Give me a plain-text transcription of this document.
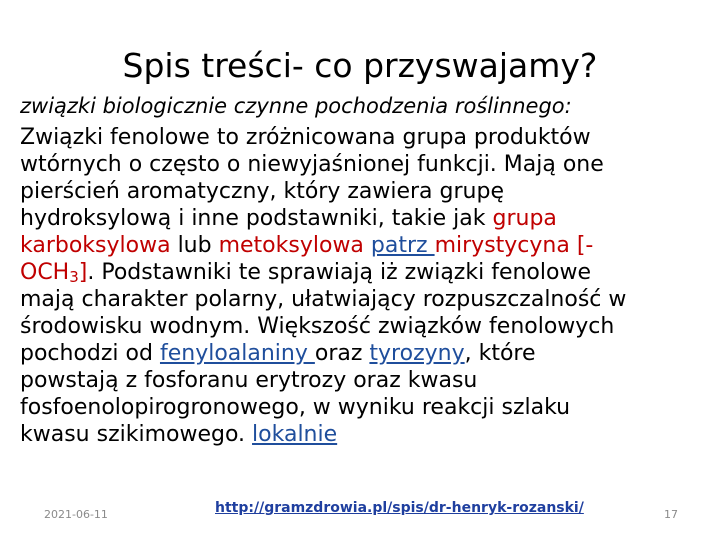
Spis treści- co przyswajamy?
związki biologicznie czynne pochodzenia roślinnego:
Związki fenolowe to zróżnicowana grupa produktów
wtórnych o często o niewyjaśnionej funkcji. Mają one
pierścień aromatyczny, który zawiera grupę
hydroksylową i inne podstawniki, takie jak grupa
karboksylowa lub metoksylowa patrz mirystycyna [-
$OCH_3$]. Podstawniki te sprawiają iż związki fenolowe
mają charakter polarny, ułatwiający rozpuszczalność w
środowisku wodnym. Większość związków fenolowych
pochodzi od fenyloalaniny oraz tyrozyny, które
powstają z fosforanu erytrozy oraz kwasu
fosfoenolopirogronowego, w wyniku reakcji szlaku
kwasu szikimowego. lokalnie
2021-06-11	http://gramzdrowia.pl/spis/dr-henryk-rozanski/	17
